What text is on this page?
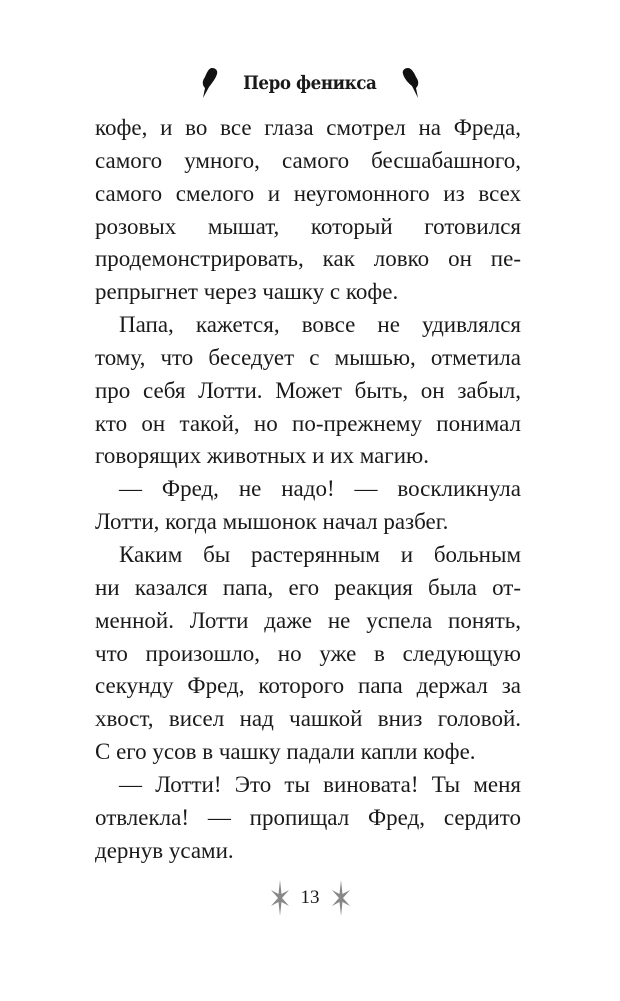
Перо феникса
кофе, и во все глаза смотрел на Фреда,
самого умного, самого бесшабашного,
самого смелого и неугомонного из всех
розовых мышат, который готовился
продемонстрировать, как ловко он пе-
репрыгнет через чашку с кофе.
Папа, кажется, вовсе не удивлялся
тому, что беседует с мышью, отметила
про себя Лотти. Может быть, он забыл,
кто он такой, но по-прежнему понимал
говорящих животных и их магию.
— Фред, не надо! — воскликнула
Лотти, когда мышонок начал разбег.
Каким бы растерянным и больным
ни казался папа, его реакция была от-
менной. Лотти даже не успела понять,
что произошло, но уже в следующую
секунду Фред, которого папа держал за
хвост, висел над чашкой вниз головой.
С его усов в чашку падали капли кофе.
— Лотти! Это ты виновата! Ты меня
отвлекла! — пропищал Фред, сердито
дернув усами.
13
